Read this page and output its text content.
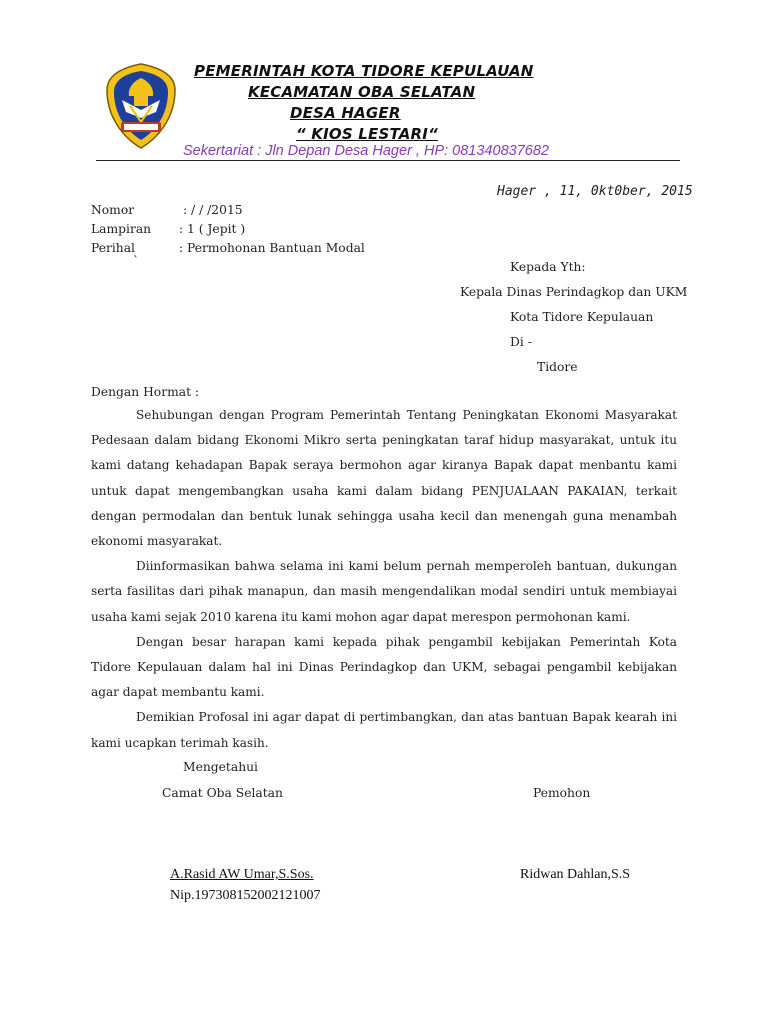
PEMERINTAH KOTA TIDORE KEPULAUAN
KECAMATAN OBA SELATAN
DESA HAGER
“ KIOS LESTARI“
Sekertariat : Jln Depan Desa Hager , HP: 081340837682
Hager , 11, 0kt0ber, 2015
Nomor	: / / /2015
Lampiran : 1 ( Jepit )
Perihal	: Permohonan Bantuan Modal
`	Kepada Yth:
Kepala Dinas Perindagkop dan UKM
Kota Tidore Kepulauan
Di -
Tidore
Dengan Hormat :

Sehubungan dengan Program Pemerintah Tentang Peningkatan Ekonomi Masyarakat Pedesaan dalam bidang Ekonomi Mikro serta peningkatan taraf hidup masyarakat, untuk itu kami datang kehadapan Bapak seraya bermohon agar kiranya Bapak dapat menbantu kami untuk dapat mengembangkan usaha kami dalam bidang PENJUALAAN PAKAIAN, terkait dengan permodalan dan bentuk lunak sehingga usaha kecil dan menengah guna menambah ekonomi masyarakat.

Diinformasikan bahwa selama ini kami belum pernah memperoleh bantuan, dukungan serta fasilitas dari pihak manapun, dan masih mengendalikan modal sendiri untuk membiayai usaha kami sejak 2010 karena itu kami mohon agar dapat merespon permohonan kami.

Dengan besar harapan kami kepada pihak pengambil kebijakan Pemerintah Kota Tidore Kepulauan dalam hal ini Dinas Perindagkop dan UKM, sebagai pengambil kebijakan agar dapat membantu kami.

Demikian Profosal ini agar dapat di pertimbangkan, dan atas bantuan Bapak kearah ini kami ucapkan terimah kasih.

Mengetahui
Camat Oba Selatan	Pemohon
A.Rasid AW Umar,S.Sos.
Nip.197308152002121007
Ridwan Dahlan,S.S
